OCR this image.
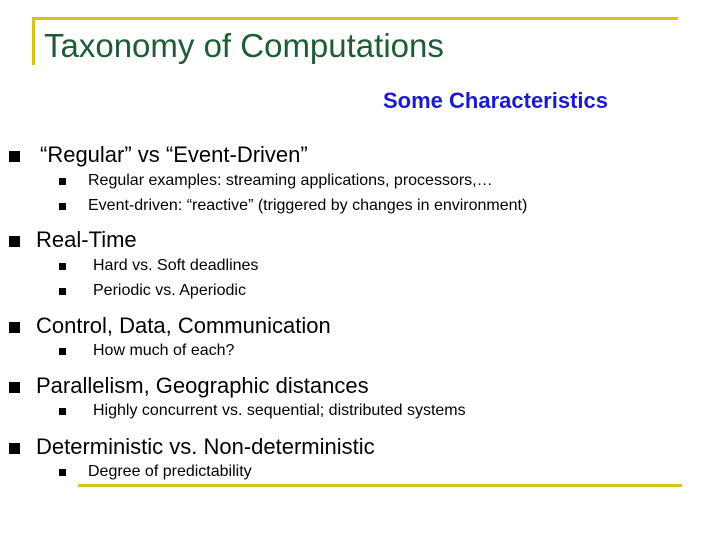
Taxonomy of Computations
Some Characteristics
“Regular” vs “Event-Driven”
Regular examples: streaming applications, processors,…
Event-driven: “reactive” (triggered by changes in environment)
Real-Time
Hard vs. Soft deadlines
Periodic vs. Aperiodic
Control, Data, Communication
How much of each?
Parallelism, Geographic distances
Highly concurrent vs. sequential; distributed systems
Deterministic vs. Non-deterministic
Degree of predictability
